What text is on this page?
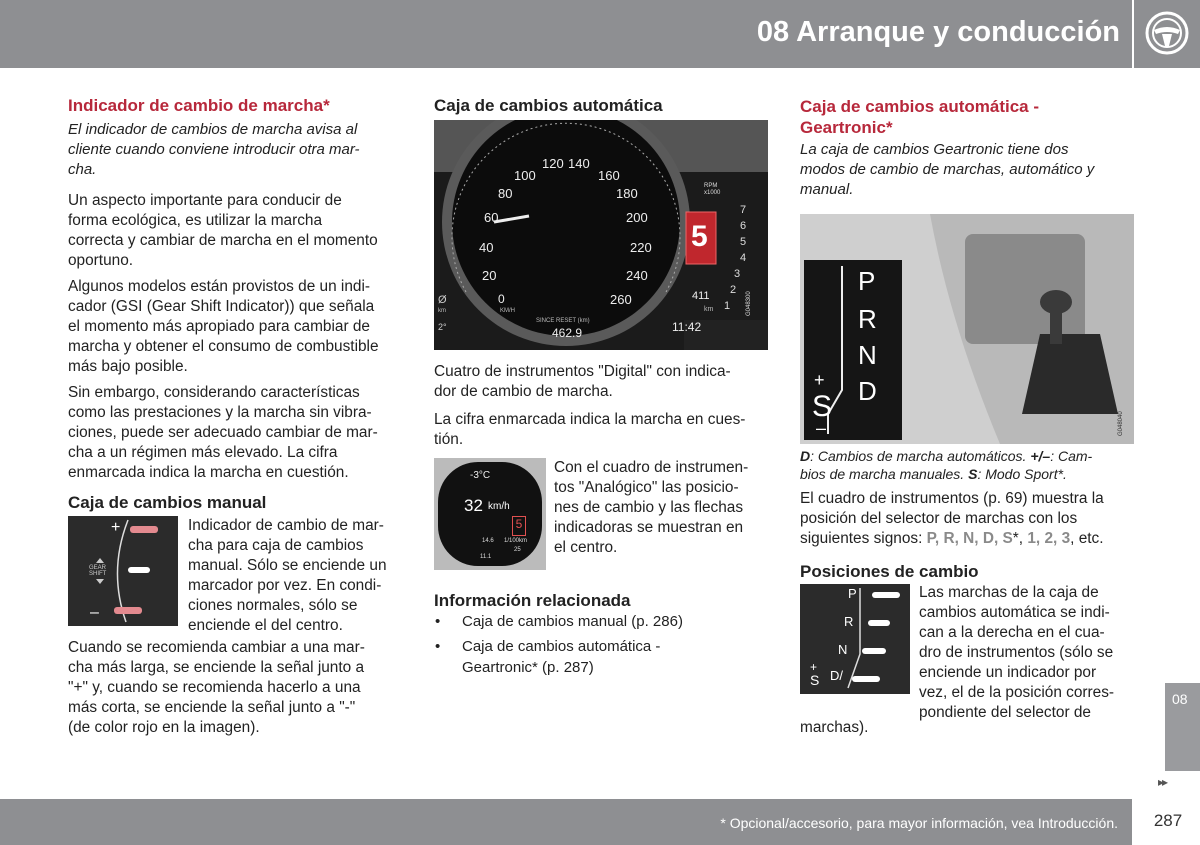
08 Arranque y conducción
Indicador de cambio de marcha*
El indicador de cambios de marcha avisa al
cliente cuando conviene introducir otra mar-
cha.
Un aspecto importante para conducir de
forma ecológica, es utilizar la marcha
correcta y cambiar de marcha en el momento
oportuno.
Algunos modelos están provistos de un indi-
cador (GSI (Gear Shift Indicator)) que señala
el momento más apropiado para cambiar de
marcha y obtener el consumo de combustible
más bajo posible.
Sin embargo, considerando características
como las prestaciones y la marcha sin vibra-
ciones, puede ser adecuado cambiar de mar-
cha a un régimen más elevado. La cifra
enmarcada indica la marcha en cuestión.
Caja de cambios manual
+
–
GEAR
SHIFT
Indicador de cambio de mar-
cha para caja de cambios
manual. Sólo se enciende un
marcador por vez. En condi-
ciones normales, sólo se
enciende el del centro.
Cuando se recomienda cambiar a una mar-
cha más larga, se enciende la señal junto a
"+" y, cuando se recomienda hacerlo a una
más corta, se enciende la señal junto a "-"
(de color rojo en la imagen).
Caja de cambios automática
0
20
40
60
80
100
120 140
160
180
200
220
240
260
KM/H
RPM
x1000
5
7
6
5
4
3
2
1
SINCE RESET (km)
462.9
411
km
11:42
2°
Ø
km	G048300
Cuatro de instrumentos "Digital" con indica-
dor de cambio de marcha.
La cifra enmarcada indica la marcha en cues-
tión.
-3°C
32 km/h
5
14.6 1/100km
11.1
25
Con el cuadro de instrumen-
tos "Analógico" las posicio-
nes de cambio y las flechas
indicadoras se muestran en
el centro.
Información relacionada
• Caja de cambios manual (p. 286)
• Caja de cambios automática -
Geartronic* (p. 287)
Caja de cambios automática -
Geartronic*
La caja de cambios Geartronic tiene dos
modos de cambio de marchas, automático y
manual.
P
R
N
D
+
S
–	G048040
D: Cambios de marcha automáticos. +/–: Cam-
bios de marcha manuales. S: Modo Sport*.
El cuadro de instrumentos (p. 69) muestra la
posición del selector de marchas con los
siguientes signos: P, R, N, D, S*, 1, 2, 3, etc.
Posiciones de cambio
P
R
N
D/
+
S
Las marchas de la caja de
cambios automática se indi-
can a la derecha en el cua-
dro de instrumentos (sólo se
enciende un indicador por
vez, el de la posición corres-
pondiente del selector de
marchas).
08
▸▸
* Opcional/accesorio, para mayor información, vea Introducción.	287
